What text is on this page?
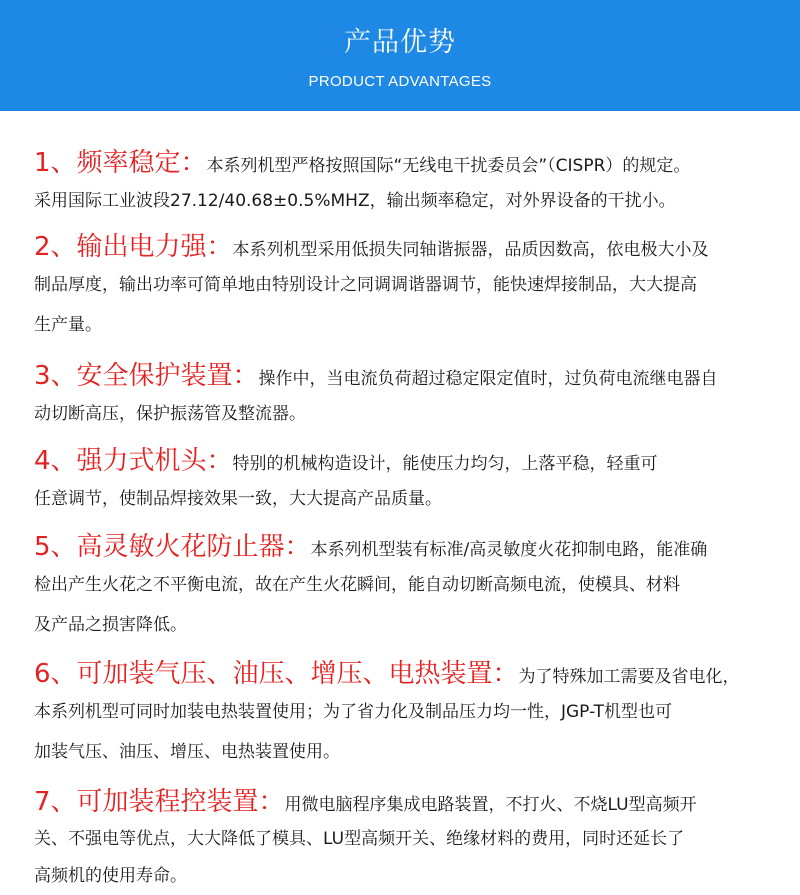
产品优势
PRODUCT ADVANTAGES
1、频率稳定：本系列机型严格按照国际“无线电干扰委员会”（CISPR）的规定。
采用国际工业波段27.12/40.68±0.5%MHZ，输出频率稳定，对外界设备的干扰小。
2、输出电力强：本系列机型采用低损失同轴谐振器，品质因数高，依电极大小及
制品厚度，输出功率可简单地由特别设计之同调调谐器调节，能快速焊接制品，大大提高
生产量。
3、安全保护装置：操作中，当电流负荷超过稳定限定值时，过负荷电流继电器自
动切断高压，保护振荡管及整流器。
4、强力式机头：特别的机械构造设计，能使压力均匀，上落平稳，轻重可
任意调节，使制品焊接效果一致，大大提高产品质量。
5、高灵敏火花防止器：本系列机型装有标准/高灵敏度火花抑制电路，能准确
检出产生火花之不平衡电流，故在产生火花瞬间，能自动切断高频电流，使模具、材料
及产品之损害降低。
6、可加装气压、油压、增压、电热装置：为了特殊加工需要及省电化，
本系列机型可同时加装电热装置使用；为了省力化及制品压力均一性，JGP-T机型也可
加装气压、油压、增压、电热装置使用。
7、可加装程控装置：用微电脑程序集成电路装置，不打火、不烧LU型高频开
关、不强电等优点，大大降低了模具、LU型高频开关、绝缘材料的费用，同时还延长了
高频机的使用寿命。
